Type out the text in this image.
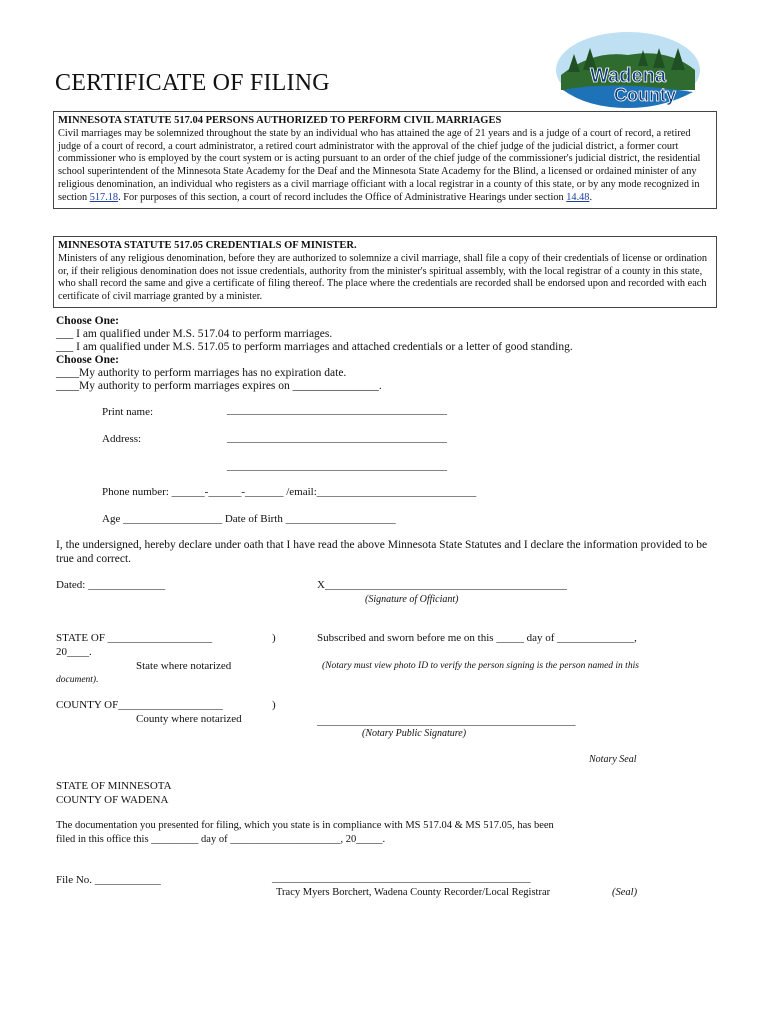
Wadena
County
CERTIFICATE OF FILING
MINNESOTA STATUTE 517.04 PERSONS AUTHORIZED TO PERFORM CIVIL MARRIAGES

Civil marriages may be solemnized throughout the state by an individual who has attained the age of 21 years and is a judge of a court of record, a retired judge of a court of record, a court administrator, a retired court administrator with the approval of the chief judge of the judicial district, a former court commissioner who is employed by the court system or is acting pursuant to an order of the chief judge of the commissioner's judicial district, the residential school superintendent of the Minnesota State Academy for the Deaf and the Minnesota State Academy for the Blind, a licensed or ordained minister of any religious denomination, an individual who registers as a civil marriage officiant with a local registrar in a county of this state, or by any mode recognized in section 517.18. For purposes of this section, a court of record includes the Office of Administrative Hearings under section 14.48.

MINNESOTA STATUTE 517.05 CREDENTIALS OF MINISTER.

Ministers of any religious denomination, before they are authorized to solemnize a civil marriage, shall file a copy of their credentials of license or ordination or, if their religious denomination does not issue credentials, authority from the minister's spiritual assembly, with the local registrar of a county in this state, who shall record the same and give a certificate of filing thereof. The place where the credentials are recorded shall be endorsed upon and recorded with each certificate of civil marriage granted by a minister.

Choose One:
___ I am qualified under M.S. 517.04 to perform marriages.
___ I am qualified under M.S. 517.05 to perform marriages and attached credentials or a letter of good standing.
Choose One:
____My authority to perform marriages has no expiration date.
____My authority to perform marriages expires on _______________.
Print name:	________________________________________
Address:	________________________________________
________________________________________
Phone number: ______-______-_______ /email:_____________________________
Age __________________ Date of Birth ____________________
I, the undersigned, hereby declare under oath that I have read the above Minnesota State Statutes and I declare the information provided to be true and correct.
Dated: ______________	X____________________________________________
(Signature of Officiant)
STATE OF ___________________	)	Subscribed and sworn before me on this _____ day of ______________,
20____.
State where notarized	(Notary must view photo ID to verify the person signing is the person named in this
document).
COUNTY OF___________________	)
County where notarized	_______________________________________________
(Notary Public Signature)
Notary Seal
STATE OF MINNESOTA
COUNTY OF WADENA
The documentation you presented for filing, which you state is in compliance with MS 517.04 & MS 517.05, has been
filed in this office this _________ day of _____________________, 20_____.
File No. ____________	_______________________________________________
Tracy Myers Borchert, Wadena County Recorder/Local Registrar	(Seal)
